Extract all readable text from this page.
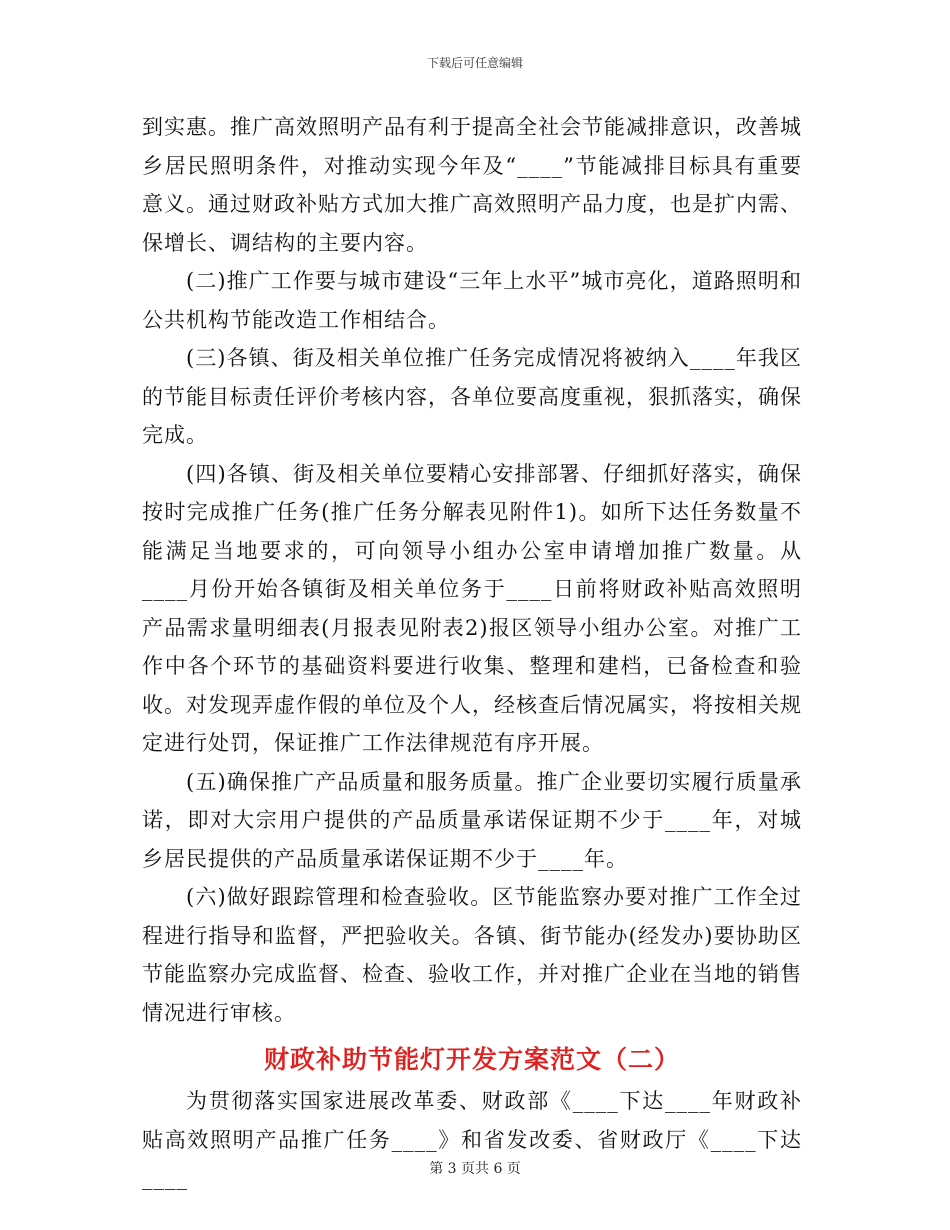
下载后可任意编辑

到实惠。推广高效照明产品有利于提高全社会节能减排意识，改善城乡居民照明条件，对推动实现今年及“____”节能减排目标具有重要意义。通过财政补贴方式加大推广高效照明产品力度，也是扩内需、保增长、调结构的主要内容。

(二)推广工作要与城市建设“三年上水平”城市亮化，道路照明和公共机构节能改造工作相结合。

(三)各镇、街及相关单位推广任务完成情况将被纳入____年我区的节能目标责任评价考核内容，各单位要高度重视，狠抓落实，确保完成。

(四)各镇、街及相关单位要精心安排部署、仔细抓好落实，确保按时完成推广任务(推广任务分解表见附件1)。如所下达任务数量不能满足当地要求的，可向领导小组办公室申请增加推广数量。从____月份开始各镇街及相关单位务于____日前将财政补贴高效照明产品需求量明细表(月报表见附表2)报区领导小组办公室。对推广工作中各个环节的基础资料要进行收集、整理和建档，已备检查和验收。对发现弄虚作假的单位及个人，经核查后情况属实，将按相关规定进行处罚，保证推广工作法律规范有序开展。

(五)确保推广产品质量和服务质量。推广企业要切实履行质量承诺，即对大宗用户提供的产品质量承诺保证期不少于____年，对城乡居民提供的产品质量承诺保证期不少于____年。

(六)做好跟踪管理和检查验收。区节能监察办要对推广工作全过程进行指导和监督，严把验收关。各镇、街节能办(经发办)要协助区节能监察办完成监督、检查、验收工作，并对推广企业在当地的销售情况进行审核。

财政补助节能灯开发方案范文（二）

为贯彻落实国家进展改革委、财政部《____下达____年财政补贴高效照明产品推广任务____》和省发改委、省财政厅《____下达____	第 3 页共 6 页
